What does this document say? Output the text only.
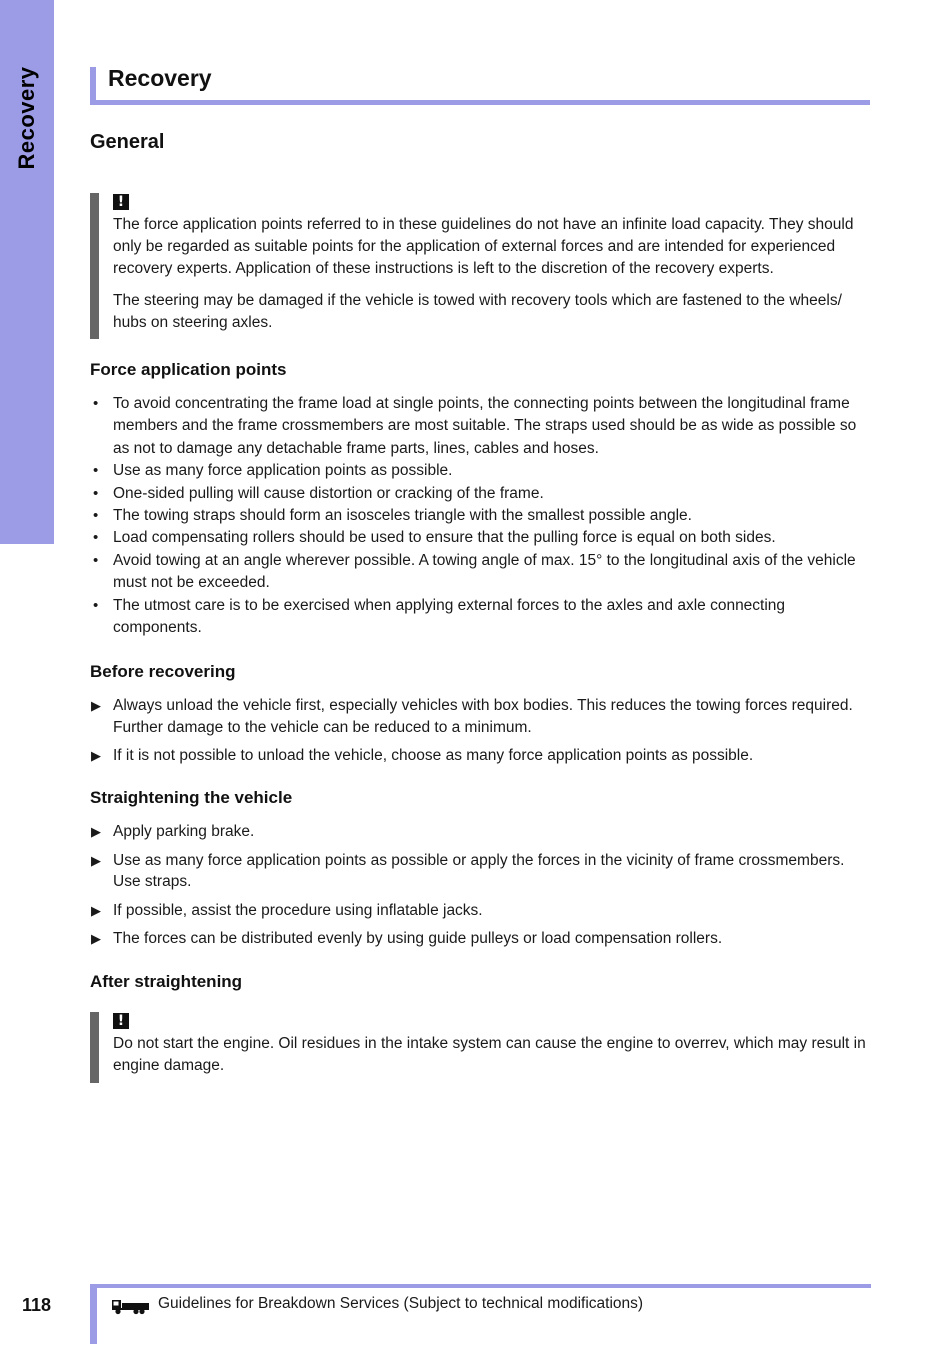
Recovery	Recovery
General
!

The force application points referred to in these guidelines do not have an infinite load capacity. They should only be regarded as suitable points for the application of external forces and are intended for experienced recovery experts. Application of these instructions is left to the discretion of the recovery experts.

The steering may be damaged if the vehicle is towed with recovery tools which are fastened to the wheels/ hubs on steering axles.

Force application points
• To avoid concentrating the frame load at single points, the connecting points between the longitudinal frame members and the frame crossmembers are most suitable. The straps used should be as wide as possible so as not to damage any detachable frame parts, lines, cables and hoses.
• Use as many force application points as possible.
• One-sided pulling will cause distortion or cracking of the frame.
• The towing straps should form an isosceles triangle with the smallest possible angle.
• Load compensating rollers should be used to ensure that the pulling force is equal on both sides.
• Avoid towing at an angle wherever possible. A towing angle of max. 15° to the longitudinal axis of the vehicle must not be exceeded.
• The utmost care is to be exercised when applying external forces to the axles and axle connecting components.
Before recovering
▶ Always unload the vehicle first, especially vehicles with box bodies. This reduces the towing forces required. Further damage to the vehicle can be reduced to a minimum.
▶ If it is not possible to unload the vehicle, choose as many force application points as possible.
Straightening the vehicle
▶ Apply parking brake.
▶ Use as many force application points as possible or apply the forces in the vicinity of frame crossmembers. Use straps.
▶ If possible, assist the procedure using inflatable jacks.
▶ The forces can be distributed evenly by using guide pulleys or load compensation rollers.
After straightening
!

Do not start the engine. Oil residues in the intake system can cause the engine to overrev, which may result in engine damage.

118	Guidelines for Breakdown Services (Subject to technical modifications)
